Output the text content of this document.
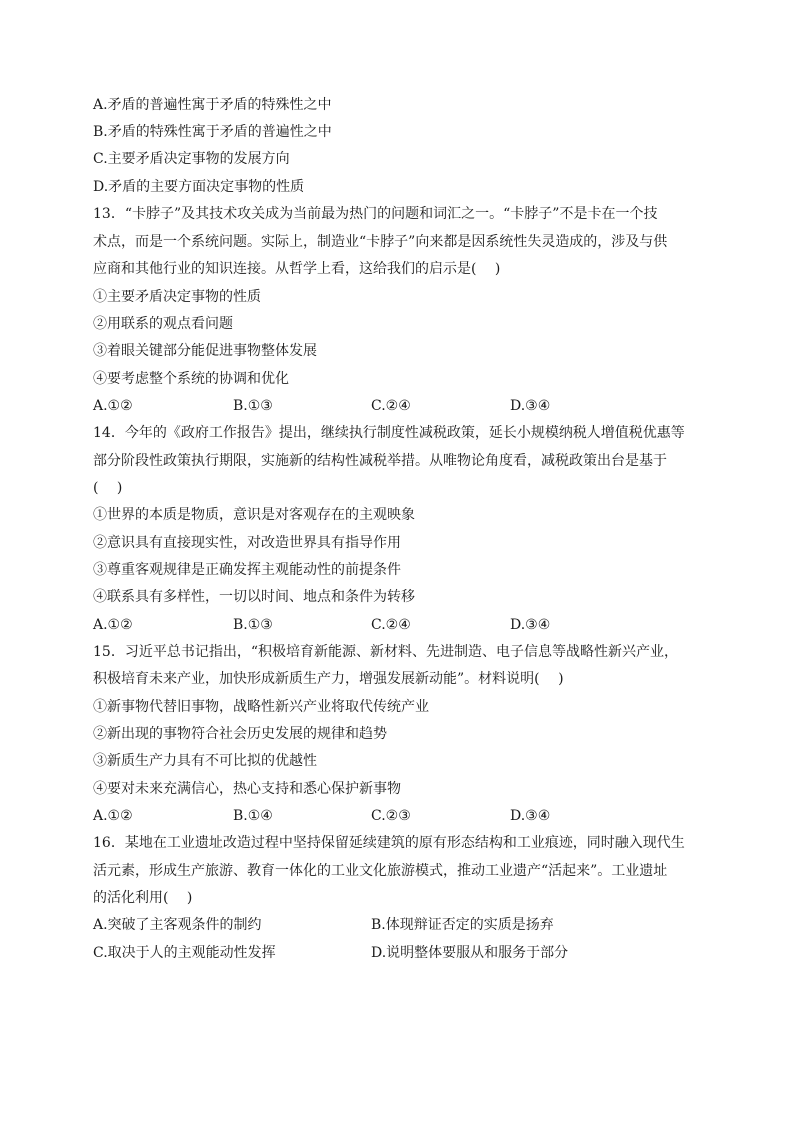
A.矛盾的普遍性寓于矛盾的特殊性之中
B.矛盾的特殊性寓于矛盾的普遍性之中
C.主要矛盾决定事物的发展方向
D.矛盾的主要方面决定事物的性质
13．“卡脖子”及其技术攻关成为当前最为热门的问题和词汇之一。“卡脖子”不是卡在一个技
术点，而是一个系统问题。实际上，制造业“卡脖子”向来都是因系统性失灵造成的，涉及与供
应商和其他行业的知识连接。从哲学上看，这给我们的启示是(　 )
①主要矛盾决定事物的性质
②用联系的观点看问题
③着眼关键部分能促进事物整体发展
④要考虑整个系统的协调和优化
A.①②	B.①③	C.②④	D.③④
14．今年的《政府工作报告》提出，继续执行制度性减税政策，延长小规模纳税人增值税优惠等
部分阶段性政策执行期限，实施新的结构性减税举措。从唯物论角度看，减税政策出台是基于
(　 )
①世界的本质是物质，意识是对客观存在的主观映象
②意识具有直接现实性，对改造世界具有指导作用
③尊重客观规律是正确发挥主观能动性的前提条件
④联系具有多样性，一切以时间、地点和条件为转移
A.①②	B.①③	C.②④	D.③④
15．习近平总书记指出，“积极培育新能源、新材料、先进制造、电子信息等战略性新兴产业，
积极培育未来产业，加快形成新质生产力，增强发展新动能”。材料说明(　 )
①新事物代替旧事物，战略性新兴产业将取代传统产业
②新出现的事物符合社会历史发展的规律和趋势
③新质生产力具有不可比拟的优越性
④要对未来充满信心，热心支持和悉心保护新事物
A.①②	B.①④	C.②③	D.③④
16．某地在工业遗址改造过程中坚持保留延续建筑的原有形态结构和工业痕迹，同时融入现代生
活元素，形成生产旅游、教育一体化的工业文化旅游模式，推动工业遗产“活起来”。工业遗址
的活化利用(　 )
A.突破了主客观条件的制约	B.体现辩证否定的实质是扬弃
C.取决于人的主观能动性发挥	D.说明整体要服从和服务于部分
